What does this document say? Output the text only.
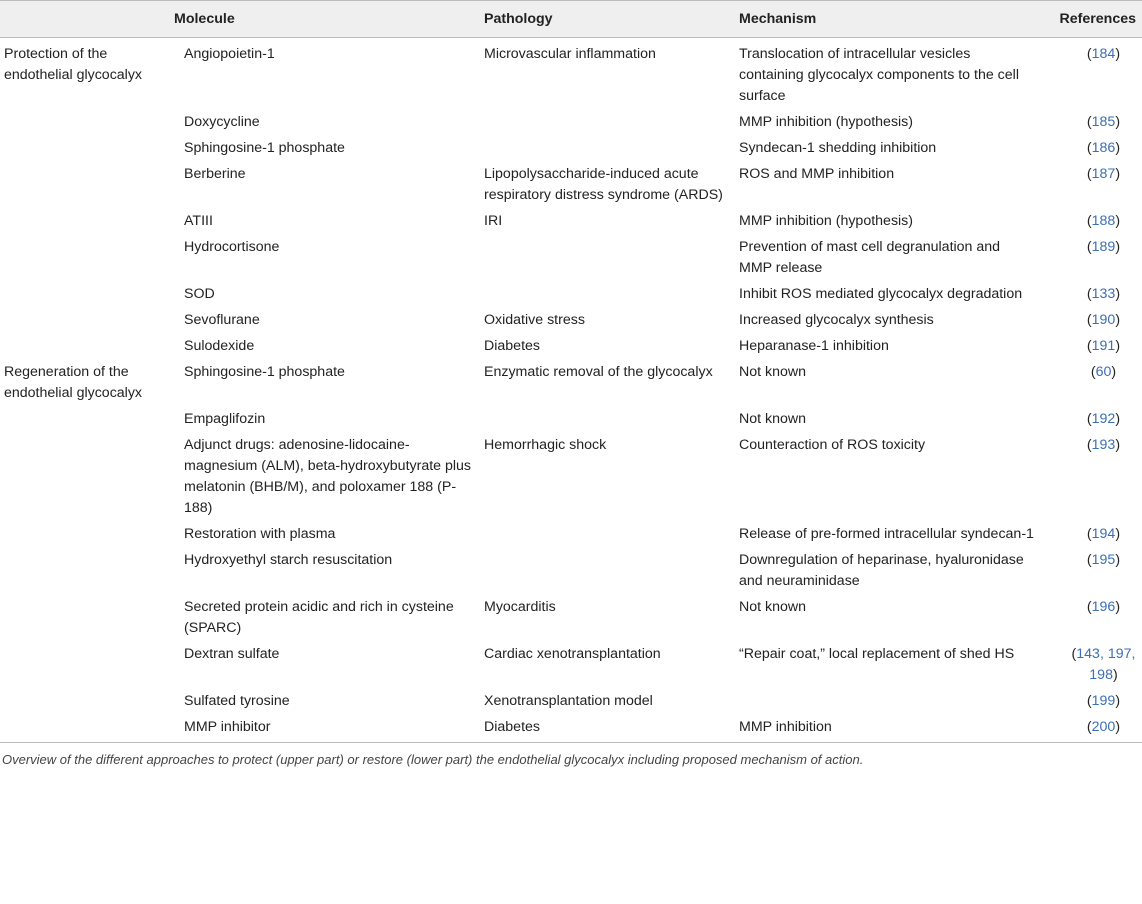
	Molecule	Pathology	Mechanism	References
Protection of the endothelial glycocalyx	Angiopoietin-1	Microvascular inflammation	Translocation of intracellular vesicles containing glycocalyx components to the cell surface	(184)
	Doxycycline		MMP inhibition (hypothesis)	(185)
	Sphingosine-1 phosphate		Syndecan-1 shedding inhibition	(186)
	Berberine	Lipopolysaccharide-induced acute respiratory distress syndrome (ARDS)	ROS and MMP inhibition	(187)
	ATIII	IRI	MMP inhibition (hypothesis)	(188)
	Hydrocortisone		Prevention of mast cell degranulation and MMP release	(189)
	SOD		Inhibit ROS mediated glycocalyx degradation	(133)
	Sevoflurane	Oxidative stress	Increased glycocalyx synthesis	(190)
	Sulodexide	Diabetes	Heparanase-1 inhibition	(191)
Regeneration of the endothelial glycocalyx	Sphingosine-1 phosphate	Enzymatic removal of the glycocalyx	Not known	(60)
	Empaglifozin		Not known	(192)
	Adjunct drugs: adenosine-lidocaine-magnesium (ALM), beta-hydroxybutyrate plus melatonin (BHB/M), and poloxamer 188 (P-188)	Hemorrhagic shock	Counteraction of ROS toxicity	(193)
	Restoration with plasma		Release of pre-formed intracellular syndecan-1	(194)
	Hydroxyethyl starch resuscitation		Downregulation of heparinase, hyaluronidase and neuraminidase	(195)
	Secreted protein acidic and rich in cysteine (SPARC)	Myocarditis	Not known	(196)
	Dextran sulfate	Cardiac xenotransplantation	“Repair coat,” local replacement of shed HS	(143, 197, 198)
	Sulfated tyrosine	Xenotransplantation model		(199)
	MMP inhibitor	Diabetes	MMP inhibition	(200)
Overview of the different approaches to protect (upper part) or restore (lower part) the endothelial glycocalyx including proposed mechanism of action.
